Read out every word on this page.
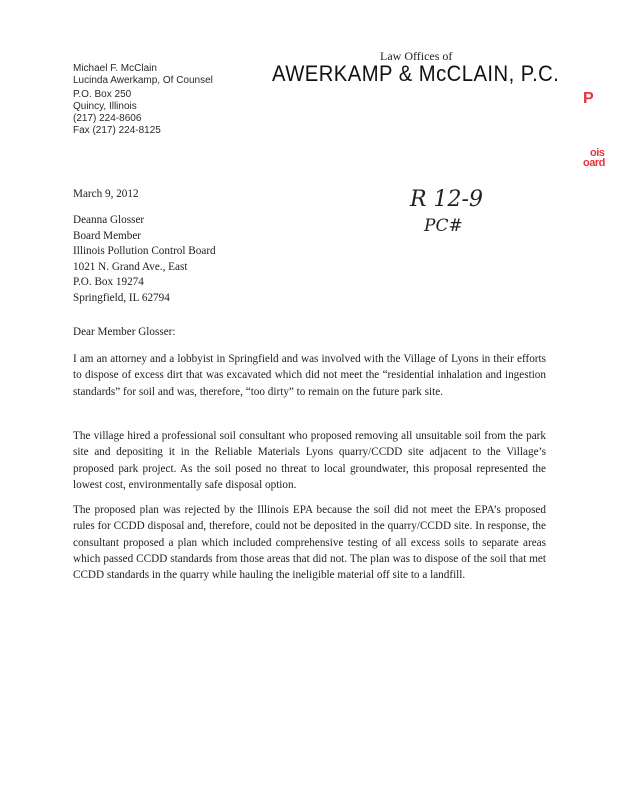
Michael F. McClain
Lucinda Awerkamp, Of Counsel
P.O. Box 250
Quincy, Illinois
(217) 224-8606
Fax (217) 224-8125
Law Offices of
AWERKAMP & McCLAIN, P.C.
P
ois
oard
R 12-9
PC#
March 9, 2012
Deanna Glosser
Board Member
Illinois Pollution Control Board
1021 N. Grand Ave., East
P.O. Box 19274
Springfield, IL 62794
Dear Member Glosser:
I am an attorney and a lobbyist in Springfield and was involved with the Village of Lyons in their efforts to dispose of excess dirt that was excavated which did not meet the “residential inhalation and ingestion standards” for soil and was, therefore, “too dirty” to remain on the future park site.
The village hired a professional soil consultant who proposed removing all unsuitable soil from the park site and depositing it in the Reliable Materials Lyons quarry/CCDD site adjacent to the Village’s proposed park project. As the soil posed no threat to local groundwater, this proposal represented the lowest cost, environmentally safe disposal option.
The proposed plan was rejected by the Illinois EPA because the soil did not meet the EPA’s proposed rules for CCDD disposal and, therefore, could not be deposited in the quarry/CCDD site. In response, the consultant proposed a plan which included comprehensive testing of all excess soils to separate areas which passed CCDD standards from those areas that did not. The plan was to dispose of the soil that met CCDD standards in the quarry while hauling the ineligible material off site to a landfill.
